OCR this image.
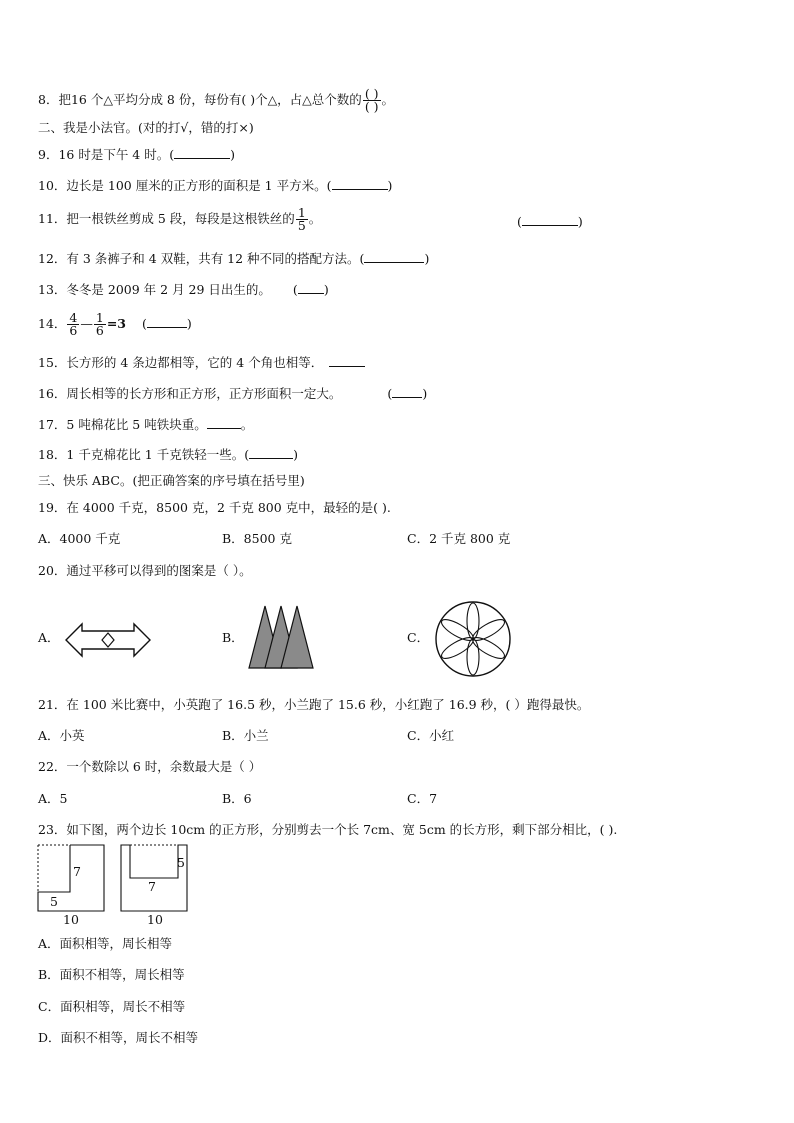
8．把16 个△平均分成 8 份，每份有( )个△，占△总个数的 $\frac{( )}{( )}$ 。
二、我是小法官。(对的打√，错的打×)
9．16 时是下午 4 时。(	)
10．边长是 100 厘米的正方形的面积是 1 平方米。(	)
11．把一根铁丝剪成 5 段，每段是这根铁丝的 $\frac{1}{5}$ 。	(	)
12．有 3 条裤子和 4 双鞋，共有 12 种不同的搭配方法。(	)
13．冬冬是 2009 年 2 月 29 日出生的。 ( )
14． $\frac{4}{6}$ — $\frac{1}{6} =3$ (	)
15．长方形的 4 条边都相等，它的 4 个角也相等．
16．周长相等的长方形和正方形，正方形面积一定大。	( )
17．5 吨棉花比 5 吨铁块重。	。
18．1 千克棉花比 1 千克铁轻一些。(	)
三、快乐 ABC。(把正确答案的序号填在括号里)
19．在 4000 千克，8500 克，2 千克 800 克中，最轻的是( ).
A．4000 千克	B．8500 克	C．2 千克 800 克
20．通过平移可以得到的图案是（ ）。
A．	B．	C．
21．在 100 米比赛中，小英跑了 16.5 秒，小兰跑了 15.6 秒，小红跑了 16.9 秒，( ）跑得最快。
A．小英	B．小兰	C．小红
22．一个数除以 6 时，余数最大是（ ）
A．5	B．6	C．7
23．如下图，两个边长 10cm 的正方形，分别剪去一个长 7cm、宽 5cm 的长方形，剩下部分相比，( ).
7
5
10
5
7
10
A．面积相等，周长相等
B．面积不相等，周长相等
C．面积相等，周长不相等
D．面积不相等，周长不相等
